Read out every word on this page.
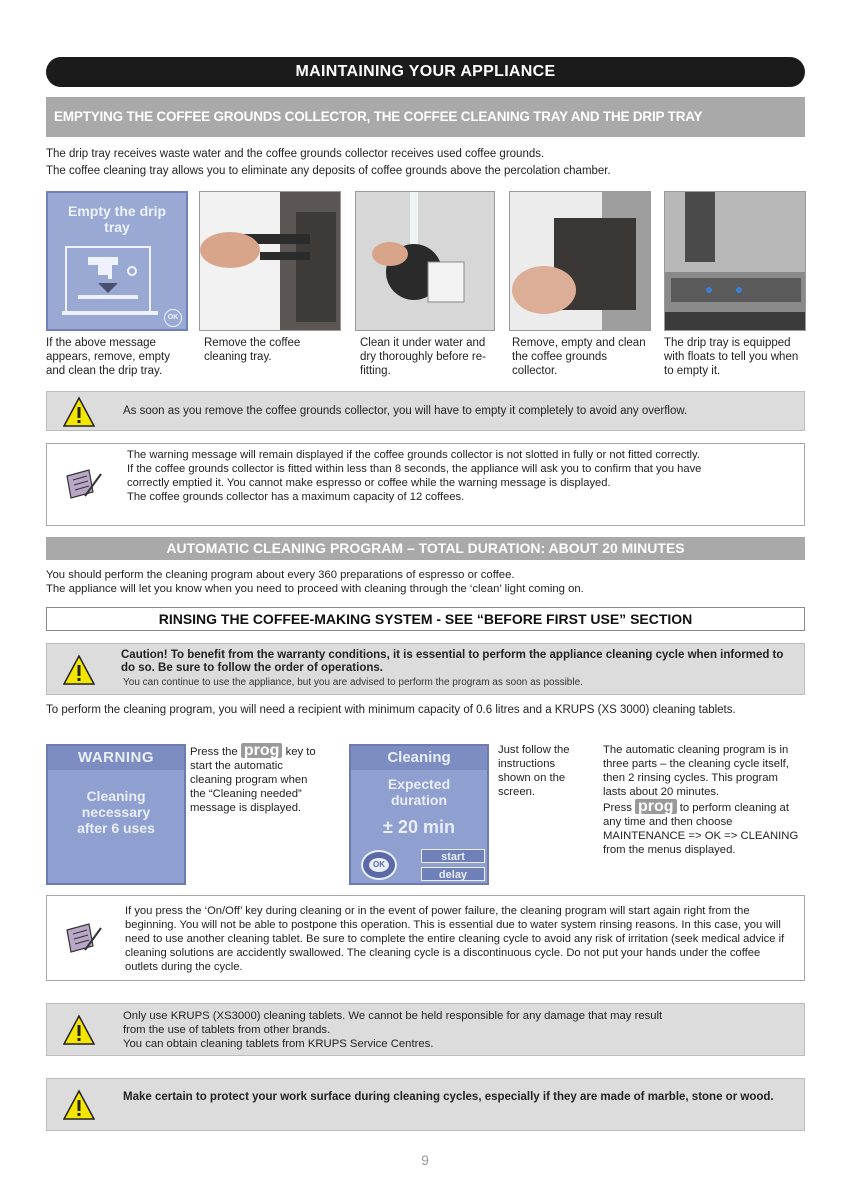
MAINTAINING YOUR APPLIANCE
EMPTYING THE COFFEE GROUNDS COLLECTOR, THE COFFEE CLEANING TRAY AND THE DRIP TRAY
The drip tray receives waste water and the coffee grounds collector receives used coffee grounds.
The coffee cleaning tray allows you to eliminate any deposits of coffee grounds above the percolation chamber.
Empty the drip tray
OK
If the above message appears, remove, empty and clean the drip tray.
Remove the coffee cleaning tray.
Clean it under water and dry thoroughly before re-fitting.
Remove, empty and clean the coffee grounds collector.
The drip tray is equipped with floats to tell you when to empty it.
As soon as you remove the coffee grounds collector, you will have to empty it completely to avoid any overflow.
The warning message will remain displayed if the coffee grounds collector is not slotted in fully or not fitted correctly.
If the coffee grounds collector is fitted within less than 8 seconds, the appliance will ask you to confirm that you have
correctly emptied it. You cannot make espresso or coffee while the warning message is displayed.
The coffee grounds collector has a maximum capacity of 12 coffees.
AUTOMATIC CLEANING PROGRAM – TOTAL DURATION: ABOUT 20 MINUTES
You should perform the cleaning program about every 360 preparations of espresso or coffee.
The appliance will let you know when you need to proceed with cleaning through the ‘clean’ light coming on.
RINSING THE COFFEE-MAKING SYSTEM - SEE “BEFORE FIRST USE” SECTION
Caution! To benefit from the warranty conditions, it is essential to perform the appliance cleaning cycle when informed to do so. Be sure to follow the order of operations.
You can continue to use the appliance, but you are advised to perform the program as soon as possible.
To perform the cleaning program, you will need a recipient with minimum capacity of 0.6 litres and a KRUPS (XS 3000) cleaning tablets.
WARNING
Cleaning necessary after 6 uses
Press the prog key to start the automatic cleaning program when the “Cleaning needed” message is displayed.
Cleaning
Expected duration
± 20 min
start
delay
OK
Just follow the instructions shown on the screen.
The automatic cleaning program is in three parts – the cleaning cycle itself, then 2 rinsing cycles. This program lasts about 20 minutes.
Press prog to perform cleaning at any time and then choose MAINTENANCE => OK => CLEANING from the menus displayed.
If you press the ‘On/Off’ key during cleaning or in the event of power failure, the cleaning program will start again right from the beginning. You will not be able to postpone this operation. This is essential due to water system rinsing reasons. In this case, you will need to use another cleaning tablet. Be sure to complete the entire cleaning cycle to avoid any risk of irritation (seek medical advice if cleaning solutions are accidently swallowed. The cleaning cycle is a discontinuous cycle. Do not put your hands under the coffee outlets during the cycle.
Only use KRUPS (XS3000) cleaning tablets. We cannot be held responsible for any damage that may result
from the use of tablets from other brands.
You can obtain cleaning tablets from KRUPS Service Centres.
Make certain to protect your work surface during cleaning cycles, especially if they are made of marble, stone or wood.
9
